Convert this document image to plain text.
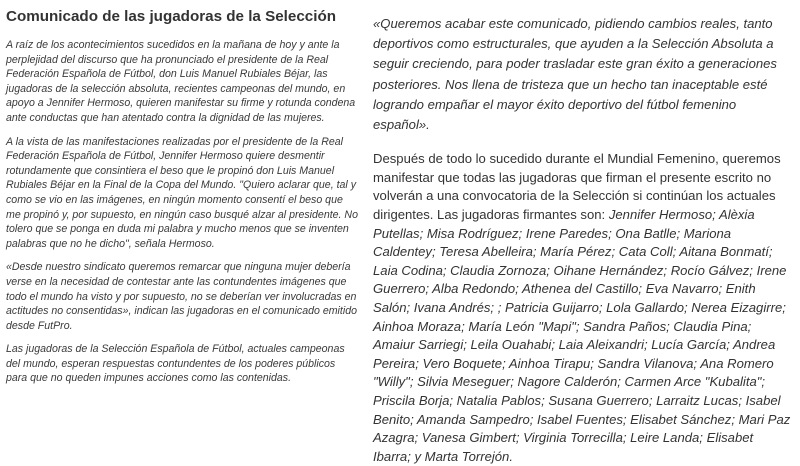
Comunicado de las jugadoras de la Selección

A raíz de los acontecimientos sucedidos en la mañana de hoy y ante la perplejidad del discurso que ha pronunciado el presidente de la Real Federación Española de Fútbol, don Luis Manuel Rubiales Béjar, las jugadoras de la selección absoluta, recientes campeonas del mundo, en apoyo a Jennifer Hermoso, quieren manifestar su firme y rotunda condena ante conductas que han atentado contra la dignidad de las mujeres.

A la vista de las manifestaciones realizadas por el presidente de la Real Federación Española de Fútbol, Jennifer Hermoso quiere desmentir rotundamente que consintiera el beso que le propinó don Luis Manuel Rubiales Béjar en la Final de la Copa del Mundo. "Quiero aclarar que, tal y como se vio en las imágenes, en ningún momento consentí el beso que me propinó y, por supuesto, en ningún caso busqué alzar al presidente. No tolero que se ponga en duda mi palabra y mucho menos que se inventen palabras que no he dicho", señala Hermoso.

«Desde nuestro sindicato queremos remarcar que ninguna mujer debería verse en la necesidad de contestar ante las contundentes imágenes que todo el mundo ha visto y por supuesto, no se deberían ver involucradas en actitudes no consentidas», indican las jugadoras en el comunicado emitido desde FutPro.

Las jugadoras de la Selección Española de Fútbol, actuales campeonas del mundo, esperan respuestas contundentes de los poderes públicos para que no queden impunes acciones como las contenidas.

«Queremos acabar este comunicado, pidiendo cambios reales, tanto deportivos como estructurales, que ayuden a la Selección Absoluta a seguir creciendo, para poder trasladar este gran éxito a generaciones posteriores. Nos llena de tristeza que un hecho tan inaceptable esté logrando empañar el mayor éxito deportivo del fútbol femenino español».

Después de todo lo sucedido durante el Mundial Femenino, queremos manifestar que todas las jugadoras que firman el presente escrito no volverán a una convocatoria de la Selección si continúan los actuales dirigentes. Las jugadoras firmantes son: Jennifer Hermoso; Alèxia Putellas; Misa Rodríguez; Irene Paredes; Ona Batlle; Mariona Caldentey; Teresa Abelleira; María Pérez; Cata Coll; Aitana Bonmatí; Laia Codina; Claudia Zornoza; Oihane Hernández; Rocío Gálvez; Irene Guerrero; Alba Redondo; Athenea del Castillo; Eva Navarro; Enith Salón; Ivana Andrés; ; Patricia Guijarro; Lola Gallardo; Nerea Eizagirre; Ainhoa Moraza; María León "Mapi"; Sandra Paños; Claudia Pina; Amaiur Sarriegi; Leila Ouahabi; Laia Aleixandri; Lucía García; Andrea Pereira; Vero Boquete; Ainhoa Tirapu; Sandra Vilanova; Ana Romero "Willy"; Silvia Meseguer; Nagore Calderón; Carmen Arce "Kubalita"; Priscila Borja; Natalia Pablos; Susana Guerrero; Larraitz Lucas; Isabel Benito; Amanda Sampedro; Isabel Fuentes; Elisabet Sánchez; Mari Paz Azagra; Vanesa Gimbert; Virginia Torrecilla; Leire Landa; Elisabet Ibarra; y Marta Torrejón.
